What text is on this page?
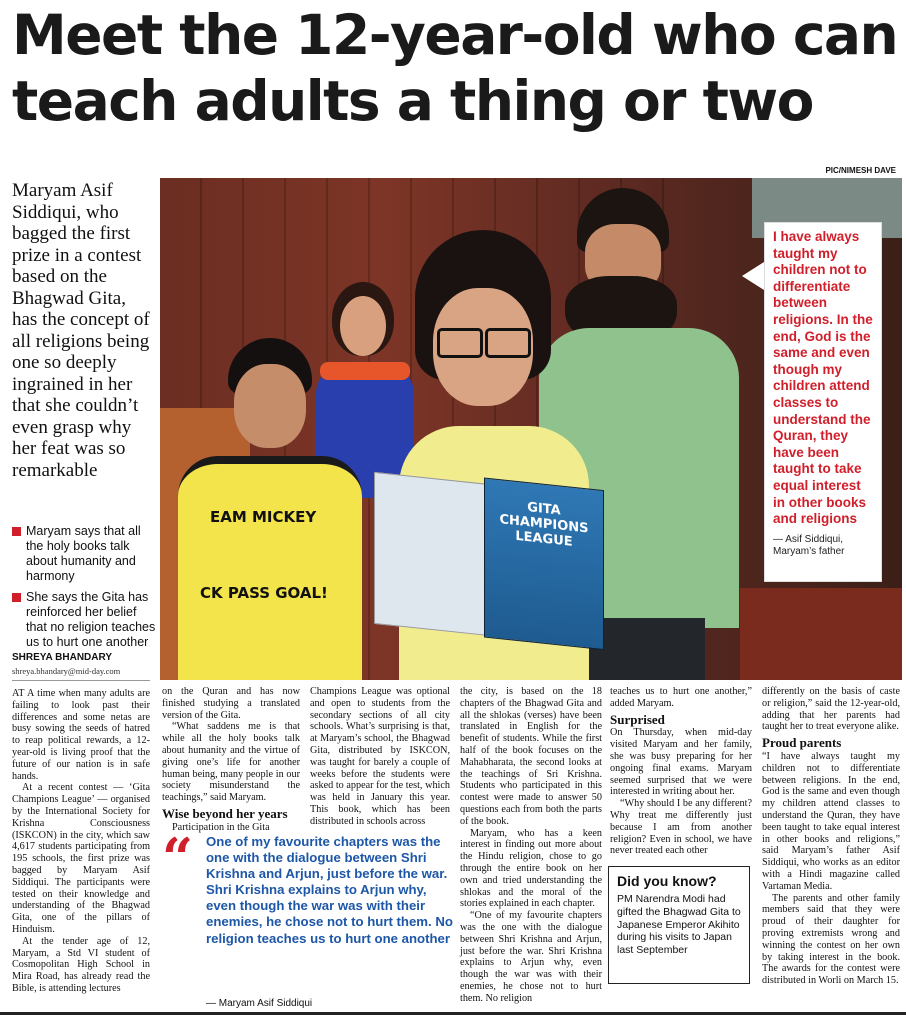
Meet the 12-year-old who can
teach adults a thing or two
PIC/NIMESH DAVE

Maryam Asif Siddiqui, who bagged the first prize in a contest based on the Bhagwad Gita, has the concept of all religions being one so deeply ingrained in her that she couldn’t even grasp why her feat was so remarkable

Maryam says that all the holy books talk about humanity and harmony
She says the Gita has reinforced her belief that no religion teaches us to hurt one another
EAM MICKEY
CK PASS GOAL!
GITA CHAMPIONS LEAGUE

I have always taught my children not to differentiate between religions. In the end, God is the same and even though my children attend classes to understand the Quran, they have been taught to take equal interest in other books and religions

— Asif Siddiqui, Maryam’s father
SHREYA BHANDARY
shreya.bhandary@mid-day.com

AT A time when many adults are failing to look past their differences and some netas are busy sowing the seeds of hatred to reap political rewards, a 12-year-old is living proof that the future of our nation is in safe hands.

At a recent contest — ‘Gita Champions League’ — organised by the International Society for Krishna Consciousness (ISKCON) in the city, which saw 4,617 students participating from 195 schools, the first prize was bagged by Maryam Asif Siddiqui. The participants were tested on their knowledge and understanding of the Bhagwad Gita, one of the pillars of Hinduism.

At the tender age of 12, Maryam, a Std VI student of Cosmopolitan High School in Mira Road, has already read the Bible, is attending lectures

on the Quran and has now finished studying a translated version of the Gita.

“What saddens me is that while all the holy books talk about humanity and the virtue of giving one’s life for another human being, many people in our society misunderstand the teachings,” said Maryam.

Wise beyond her years

Participation in the Gita

Champions League was optional and open to students from the secondary sections of all city schools. What’s surprising is that, at Maryam’s school, the Bhagwad Gita, distributed by ISKCON, was taught for barely a couple of weeks before the students were asked to appear for the test, which was held in January this year. This book, which has been distributed in schools across

the city, is based on the 18 chapters of the Bhagwad Gita and all the shlokas (verses) have been translated in English for the benefit of students. While the first half of the book focuses on the Mahabharata, the second looks at the teachings of Sri Krishna. Students who participated in this contest were made to answer 50 questions each from both the parts of the book.

Maryam, who has a keen interest in finding out more about the Hindu religion, chose to go through the entire book on her own and tried understanding the shlokas and the moral of the stories explained in each chapter.

“One of my favourite chapters was the one with the dialogue between Shri Krishna and Arjun, just before the war. Shri Krishna explains to Arjun why, even though the war was with their enemies, he chose not to hurt them. No religion

teaches us to hurt one another,” added Maryam.

Surprised

On Thursday, when mid-day visited Maryam and her family, she was busy preparing for her ongoing final exams. Maryam seemed surprised that we were interested in writing about her.

“Why should I be any different? Why treat me differently just because I am from another religion? Even in school, we have never treated each other

differently on the basis of caste or religion,” said the 12-year-old, adding that her parents had taught her to treat everyone alike.

Proud parents

“I have always taught my children not to differentiate between religions. In the end, God is the same and even though my children attend classes to understand the Quran, they have been taught to take equal interest in other books and religions,” said Maryam’s father Asif Siddiqui, who works as an editor with a Hindi magazine called Vartaman Media.

The parents and other family members said that they were proud of their daughter for proving extremists wrong and winning the contest on her own by taking interest in the book. The awards for the contest were distributed in Worli on March 15.

“ One of my favourite chapters was the one with the dialogue between Shri Krishna and Arjun, just before the war. Shri Krishna explains to Arjun why, even though the war was with their enemies, he chose not to hurt them. No religion teaches us to hurt one another

— Maryam Asif Siddiqui
Did you know?

PM Narendra Modi had gifted the Bhagwad Gita to Japanese Emperor Akihito during his visits to Japan last September
